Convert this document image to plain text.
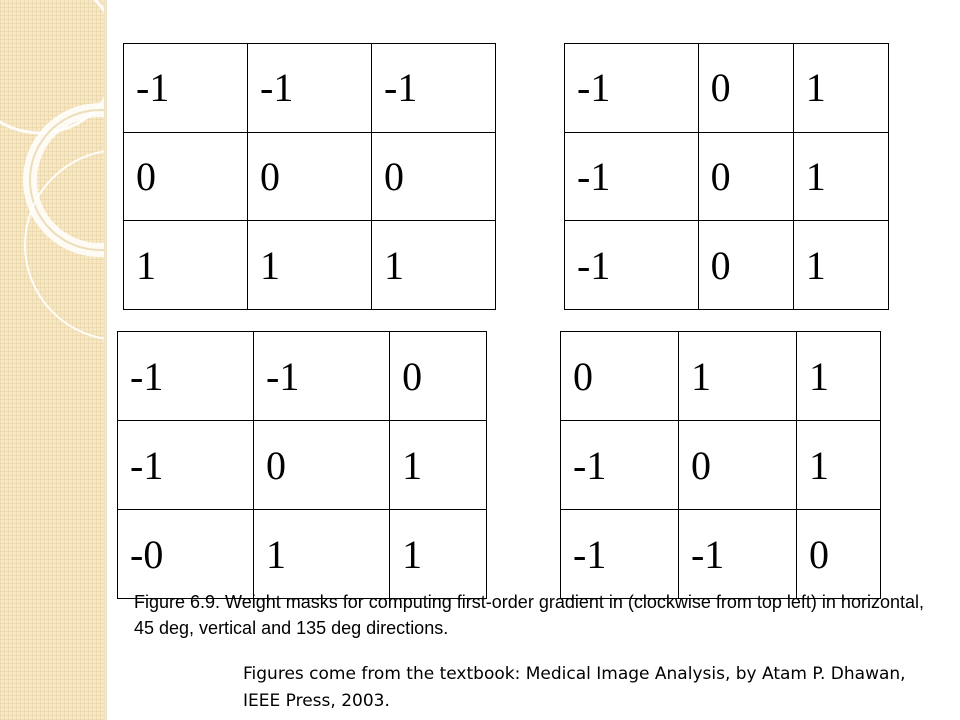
-1	-1	-1
0	0	0
1	1	1
-1	0	1
-1	0	1
-1	0	1
-1	-1	0
-1	0	1
-0	1	1
0	1	1
-1	0	1
-1	-1	0
Figure 6.9. Weight masks for computing first-order gradient in (clockwise from top left) in horizontal, 45 deg, vertical and 135 deg directions.
Figures come from the textbook: Medical Image Analysis, by Atam P. Dhawan, IEEE Press, 2003.
